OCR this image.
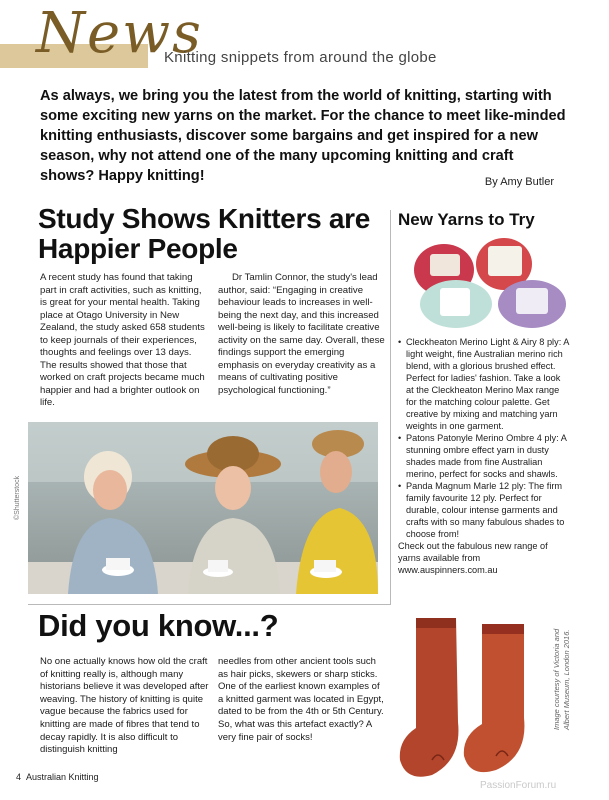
News
Knitting snippets from around the globe

As always, we bring you the latest from the world of knitting, starting with some exciting new yarns on the market. For the chance to meet like-minded knitting enthusiasts, discover some bargains and get inspired for a new season, why not attend one of the many upcoming knitting and craft shows? Happy knitting!	By Amy Butler
Study Shows Knitters are Happier People

A recent study has found that taking part in craft activities, such as knitting, is great for your mental health. Taking place at Otago University in New Zealand, the study asked 658 students to keep journals of their experiences, thoughts and feelings over 13 days. The results showed that those that worked on craft projects became much happier and had a brighter outlook on life.

Dr Tamlin Connor, the study's lead author, said: “Engaging in creative behaviour leads to increases in well-being the next day, and this increased well-being is likely to facilitate creative activity on the same day. Overall, these findings support the emerging emphasis on everyday creativity as a means of cultivating positive psychological functioning.”

©Shutterstock
New Yarns to Try
• Cleckheaton Merino Light & Airy 8 ply: A light weight, fine Australian merino rich blend, with a glorious brushed effect. Perfect for ladies' fashion. Take a look at the Cleckheaton Merino Max range for the matching colour palette. Get creative by mixing and matching yarn weights in one garment.
• Patons Patonyle Merino Ombre 4 ply: A stunning ombre effect yarn in dusty shades made from fine Australian merino, perfect for socks and shawls.
• Panda Magnum Marle 12 ply: The firm family favourite 12 ply. Perfect for durable, colour intense garments and crafts with so many fabulous shades to choose from!

Check out the fabulous new range of yarns available from www.auspinners.com.au

Did you know...?

No one actually knows how old the craft of knitting really is, although many historians believe it was developed after weaving. The history of knitting is quite vague because the fabrics used for knitting are made of fibres that tend to decay rapidly. It is also difficult to distinguish knitting

needles from other ancient tools such as hair picks, skewers or sharp sticks. One of the earliest known examples of a knitted garment was located in Egypt, dated to be from the 4th or 5th Century. So, what was this artefact exactly? A very fine pair of socks!

Image courtesy of Victoria and Albert Museum, London 2016.
4 Australian Knitting
PassionForum.ru
